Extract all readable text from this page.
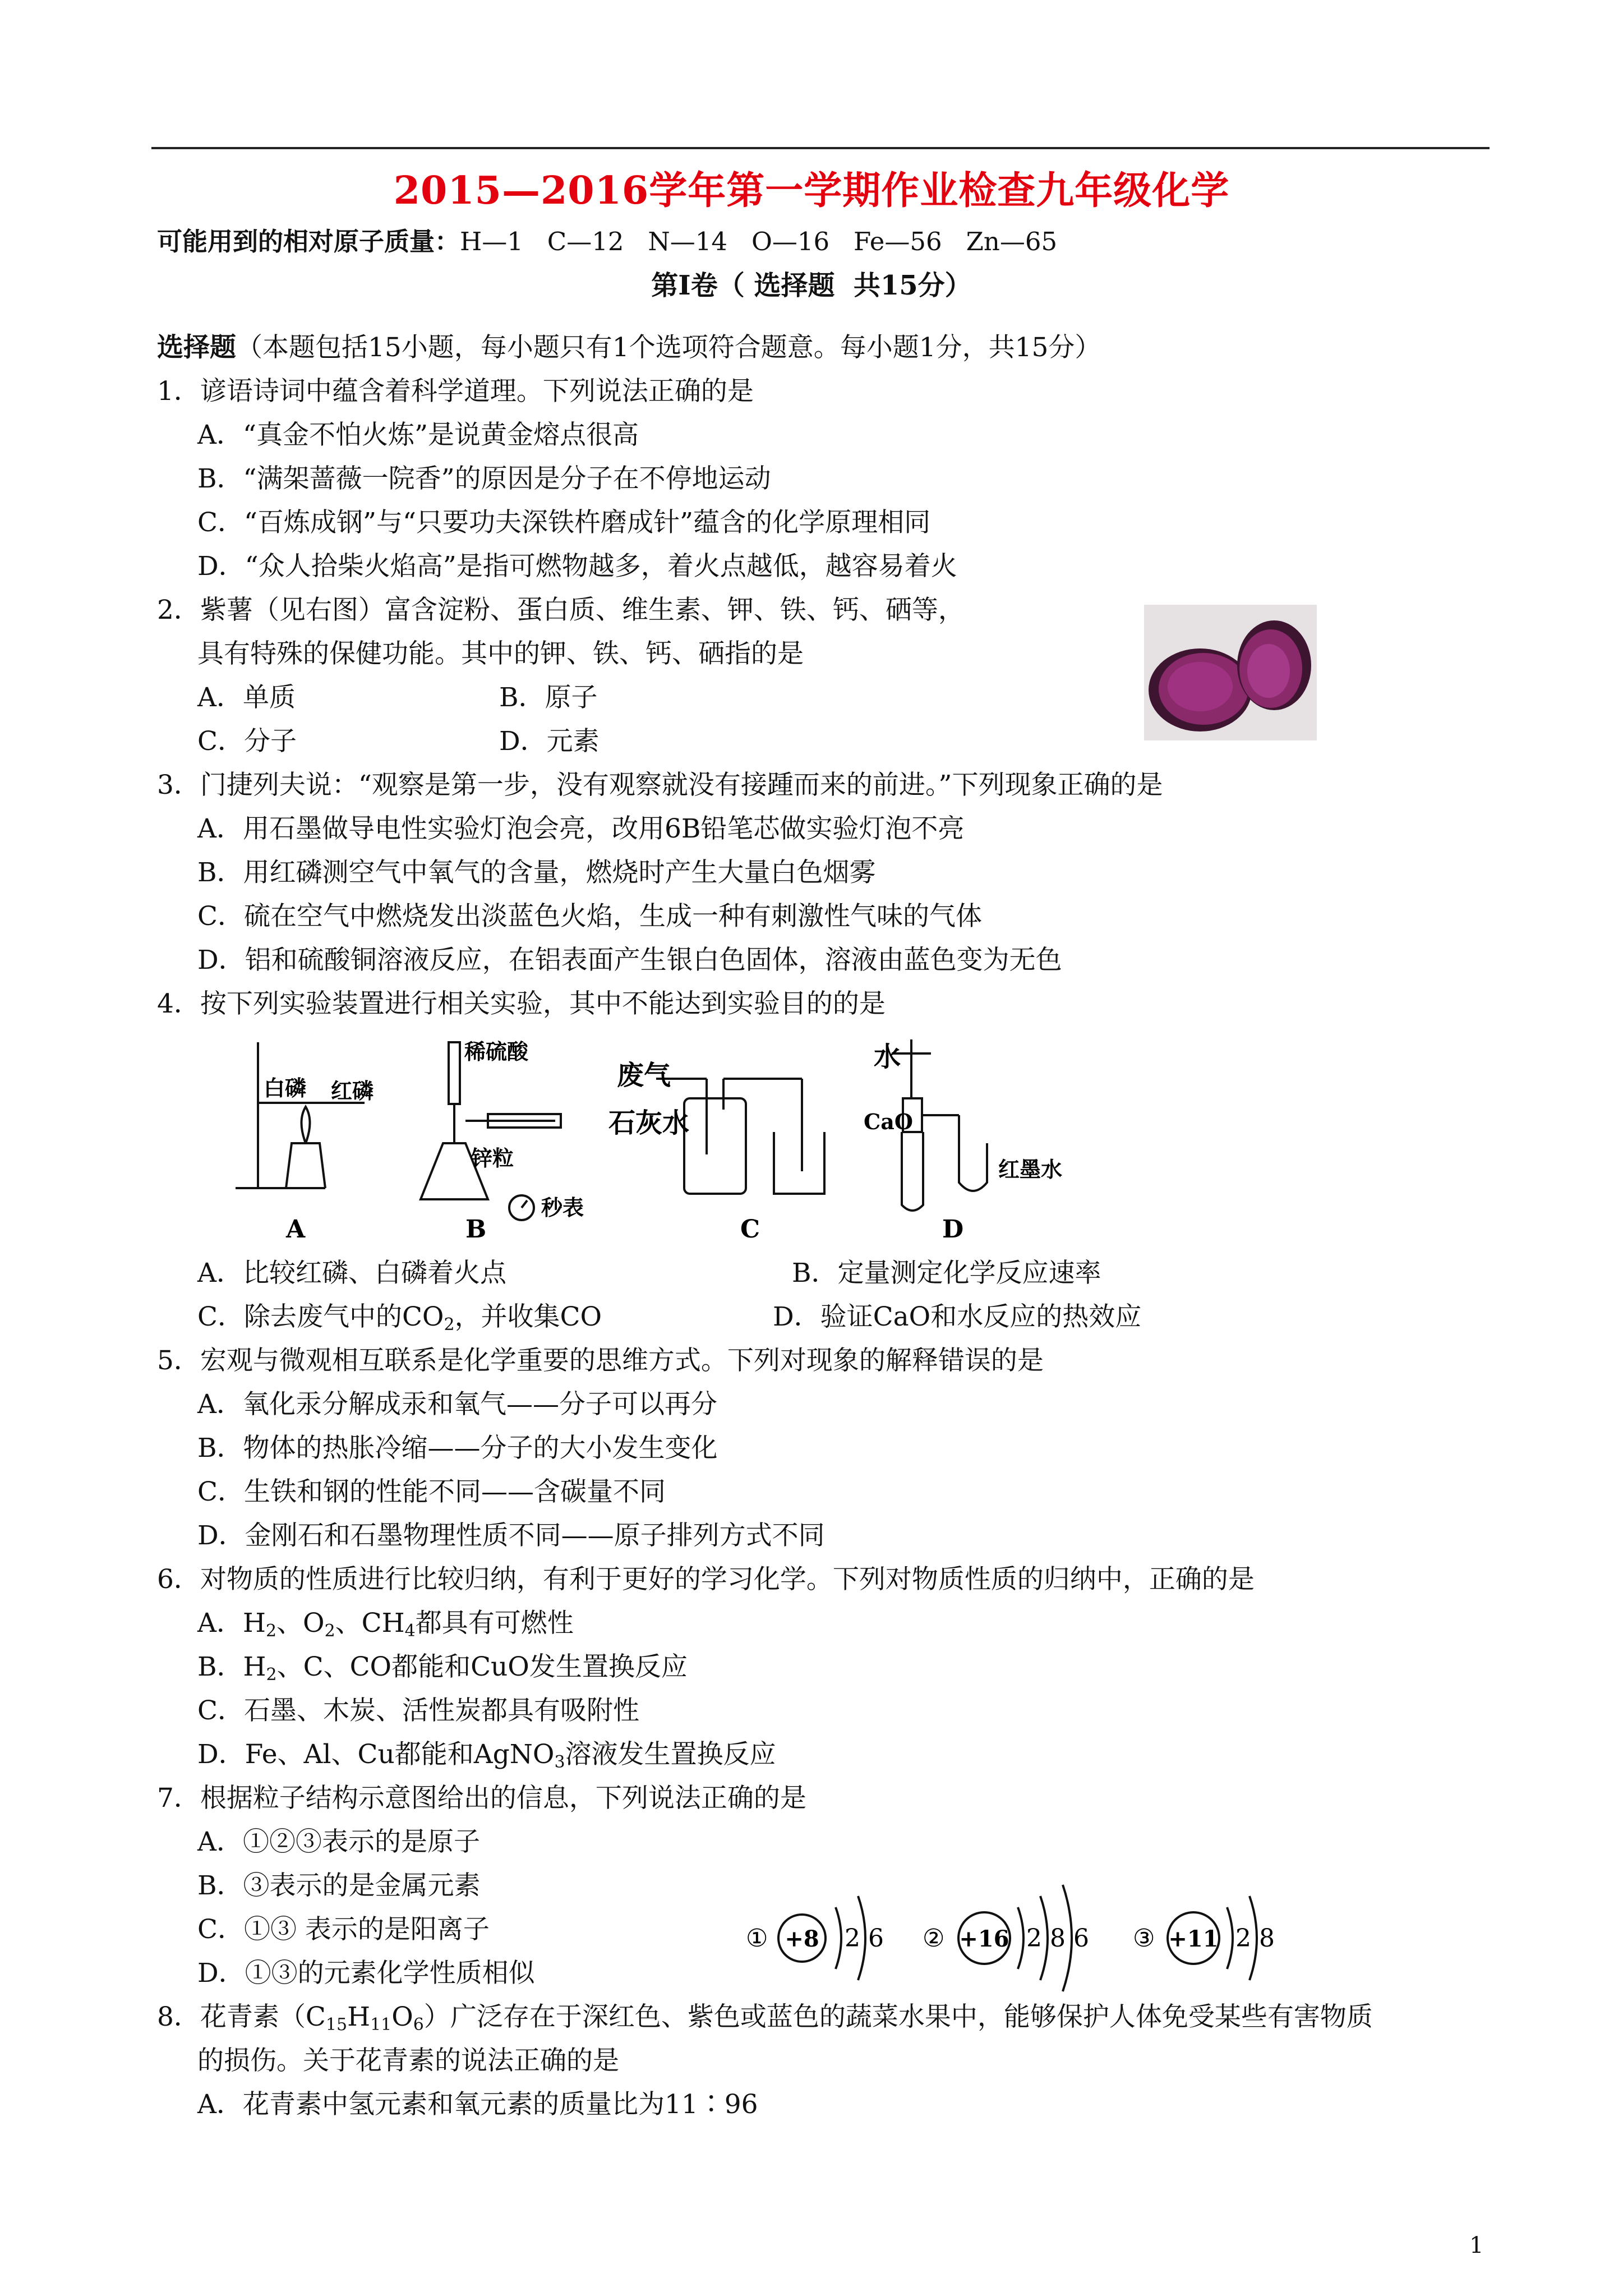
2015—2016学年第一学期作业检查九年级化学
可能用到的相对原子质量：H—1   C—12   N—14   O—16   Fe—56   Zn—65
第Ⅰ卷（ 选择题  共15分）
选择题（本题包括15小题，每小题只有1个选项符合题意。每小题1分，共15分）
1．谚语诗词中蕴含着科学道理。下列说法正确的是
A．“真金不怕火炼”是说黄金熔点很高
B．“满架蔷薇一院香”的原因是分子在不停地运动
C．“百炼成钢”与“只要功夫深铁杵磨成针”蕴含的化学原理相同
D．“众人拾柴火焰高”是指可燃物越多，着火点越低，越容易着火
2．紫薯（见右图）富含淀粉、蛋白质、维生素、钾、铁、钙、硒等，
具有特殊的保健功能。其中的钾、铁、钙、硒指的是
A．单质	B．原子
C．分子	D．元素
3．门捷列夫说：“观察是第一步，没有观察就没有接踵而来的前进。”下列现象正确的是
A．用石墨做导电性实验灯泡会亮，改用6B铅笔芯做实验灯泡不亮
B．用红磷测空气中氧气的含量，燃烧时产生大量白色烟雾
C．硫在空气中燃烧发出淡蓝色火焰，生成一种有刺激性气味的气体
D．铝和硫酸铜溶液反应，在铝表面产生银白色固体，溶液由蓝色变为无色
4．按下列实验装置进行相关实验，其中不能达到实验目的的是
白磷 红磷
稀硫酸
锌粒
秒表
废气
石灰水
水
CaO
红墨水
A	B	C	D
A．比较红磷、白磷着火点	B．定量测定化学反应速率
C．除去废气中的$CO_2$，并收集CO	D．验证CaO和水反应的热效应
5．宏观与微观相互联系是化学重要的思维方式。下列对现象的解释错误的是
A．氧化汞分解成汞和氧气——分子可以再分
B．物体的热胀冷缩——分子的大小发生变化
C．生铁和钢的性能不同——含碳量不同
D．金刚石和石墨物理性质不同——原子排列方式不同
6．对物质的性质进行比较归纳，有利于更好的学习化学。下列对物质性质的归纳中，正确的是
A．$H_2$、$O_2$、$CH_4$都具有可燃性
B．$H_2$、C、CO都能和CuO发生置换反应
C．石墨、木炭、活性炭都具有吸附性
D．Fe、Al、Cu都能和AgNO$_3$溶液发生置换反应
7．根据粒子结构示意图给出的信息，下列说法正确的是
A．①②③表示的是原子
B．③表示的是金属元素
C．①③ 表示的是阳离子
D．①③的元素化学性质相似
① +8 2 6 ② +16 2 8 6 ③ +11 2 8
8．花青素$(C_{15}H_{11}O_6)$广泛存在于深红色、紫色或蓝色的蔬菜水果中，能够保护人体免受某些有害物质
的损伤。关于花青素的说法正确的是
A．花青素中氢元素和氧元素的质量比为11∶96
1
